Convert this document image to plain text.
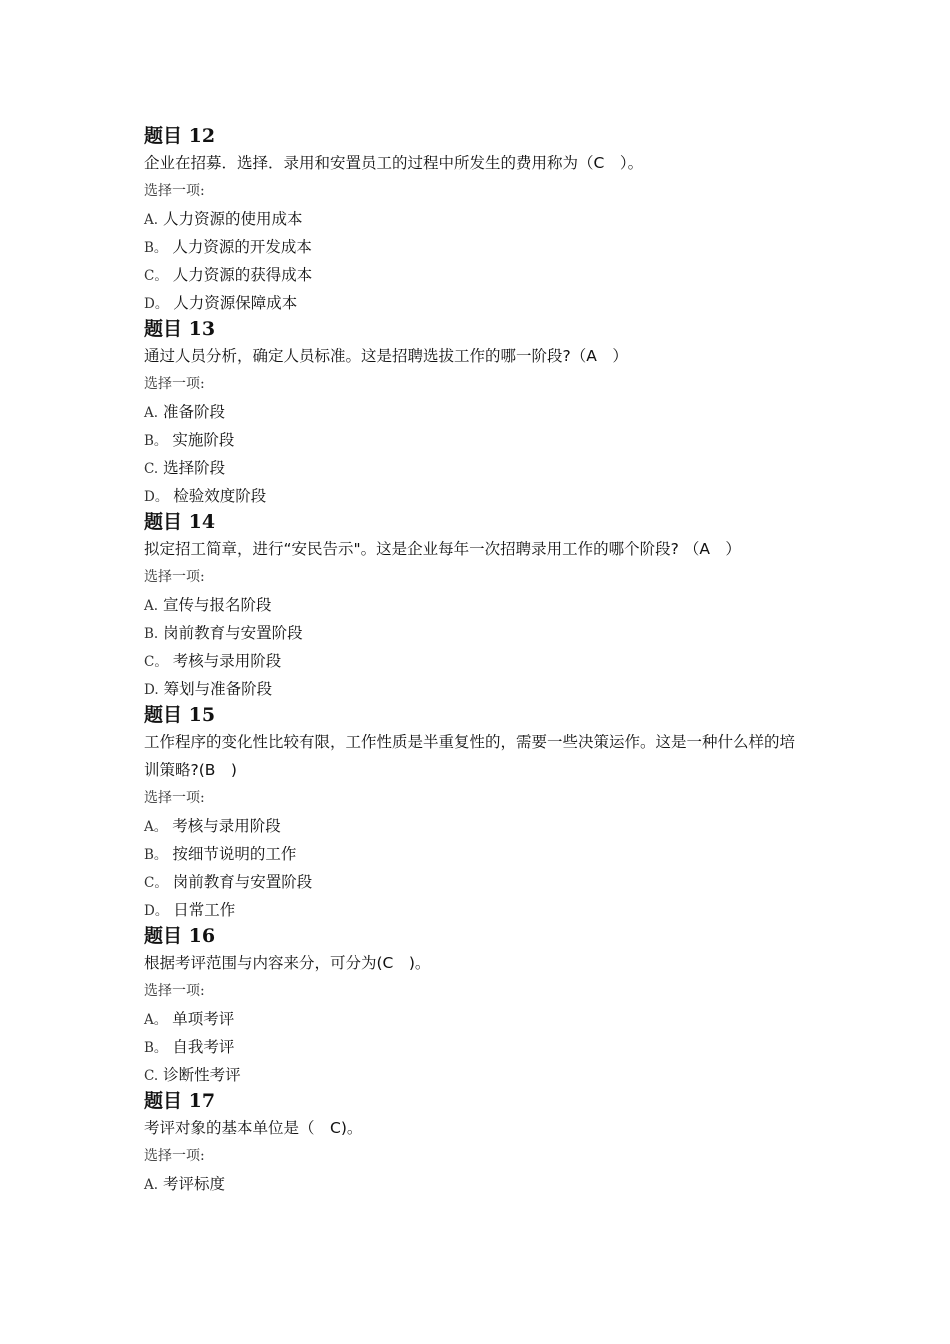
题目 12
企业在招募．选择．录用和安置员工的过程中所发生的费用称为（C　）。
选择一项:
A. 人力资源的使用成本
B。 人力资源的开发成本
C。 人力资源的获得成本
D。 人力资源保障成本
题目 13
通过人员分析，确定人员标准。这是招聘选拔工作的哪一阶段?（A　）
选择一项:
A. 准备阶段
B。 实施阶段
C. 选择阶段
D。 检验效度阶段
题目 14
拟定招工简章，进行“安民告示"。这是企业每年一次招聘录用工作的哪个阶段? （A　）
选择一项:
A. 宣传与报名阶段
B. 岗前教育与安置阶段
C。 考核与录用阶段
D. 筹划与准备阶段
题目 15
工作程序的变化性比较有限，工作性质是半重复性的，需要一些决策运作。这是一种什么样的培训策略?(B　)
选择一项:
A。 考核与录用阶段
B。 按细节说明的工作
C。 岗前教育与安置阶段
D。 日常工作
题目 16
根据考评范围与内容来分，可分为(C　)。
选择一项:
A。 单项考评
B。 自我考评
C. 诊断性考评
题目 17
考评对象的基本单位是（　C)。
选择一项:
A. 考评标度
